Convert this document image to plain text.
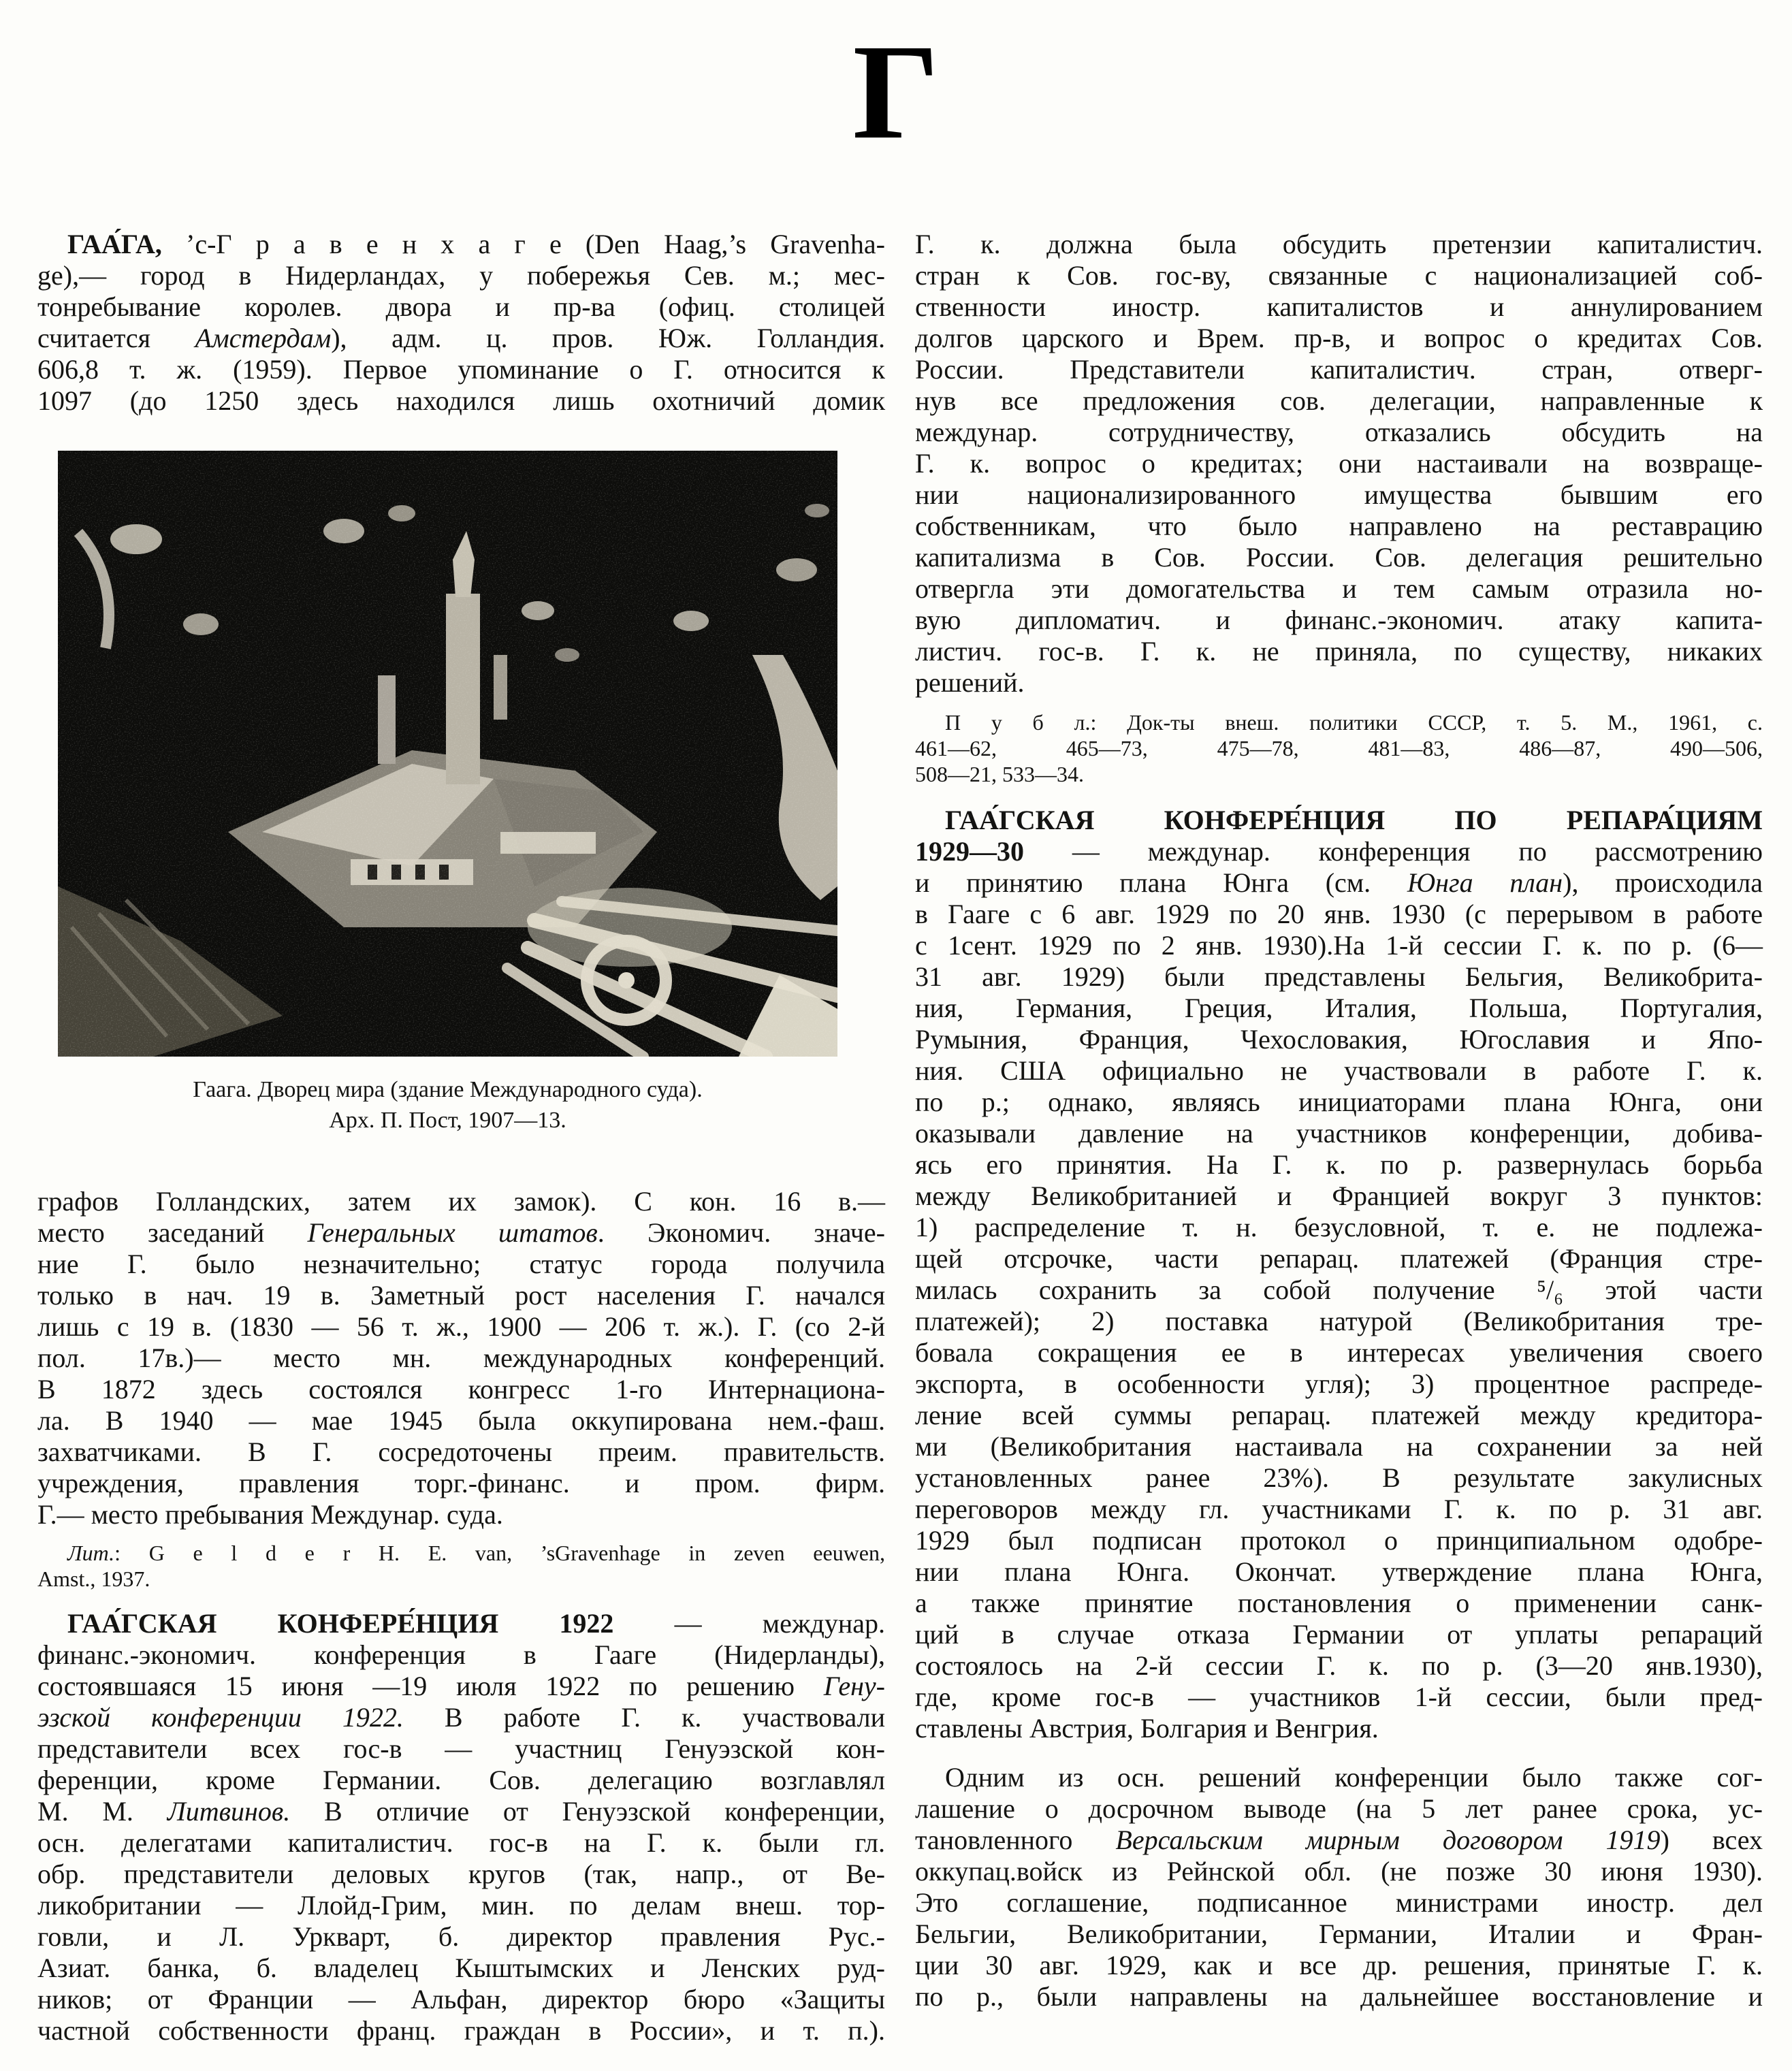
Г
ГАА́ГА, ’с-Г р а в е н х а г е (Den Haag,’s Gravenha-
ge),— город в Нидерландах, у побережья Сев. м.; мес-
тонребывание королев. двора и пр-ва (офиц. столицей
считается Амстердам), адм. ц. пров. Юж. Голландия.
606,8 т. ж. (1959). Первое упоминание о Г. относится к
1097 (до 1250 здесь находился лишь охотничий домик
Гаага. Дворец мира (здание Международного суда).
Арх. П. Пост, 1907—13.
графов Голландских, затем их замок). С кон. 16 в.—
место заседаний Генеральных штатов. Экономич. значе-
ние Г. было незначительно; статус города получила
только в нач. 19 в. Заметный рост населения Г. начался
лишь с 19 в. (1830 — 56 т. ж., 1900 — 206 т. ж.). Г. (со 2-й
пол. 17в.)— место мн. международных конференций.
В 1872 здесь состоялся конгресс 1-го Интернациона-
ла. В 1940 — мае 1945 была оккупирована нем.-фаш.
захватчиками. В Г. сосредоточены преим. правительств.
учреждения, правления торг.-финанс. и пром. фирм.
Г.— место пребывания Междунар. суда.
Лит.: G e l d e r H. E. van, ’sGravenhage in zeven eeuwen,
Amst., 1937.
ГАА́ГСКАЯ КОНФЕРЕ́НЦИЯ 1922 — междунар.
финанс.-экономич. конференция в Гааге (Нидерланды),
состоявшаяся 15 июня —19 июля 1922 по решению Гену-
эзской конференции 1922. В работе Г. к. участвовали
представители всех гос-в — участниц Генуэзской кон-
ференции, кроме Германии. Сов. делегацию возглавлял
М. М. Литвинов. В отличие от Генуэзской конференции,
осн. делегатами капиталистич. гос-в на Г. к. были гл.
обр. представители деловых кругов (так, напр., от Ве-
ликобритании — Ллойд-Грим, мин. по делам внеш. тор-
говли, и Л. Уркварт, б. директор правления Рус.-
Азиат. банка, б. владелец Кыштымских и Ленских руд-
ников; от Франции — Альфан, директор бюро «Защиты
частной собственности франц. граждан в России», и т. п.).
Г. к. должна была обсудить претензии капиталистич.
стран к Сов. гос-ву, связанные с национализацией соб-
ственности иностр. капиталистов и аннулированием
долгов царского и Врем. пр-в, и вопрос о кредитах Сов.
России. Представители капиталистич. стран, отверг-
нув все предложения сов. делегации, направленные к
междунар. сотрудничеству, отказались обсудить на
Г. к. вопрос о кредитах; они настаивали на возвраще-
нии национализированного имущества бывшим его
собственникам, что было направлено на реставрацию
капитализма в Сов. России. Сов. делегация решительно
отвергла эти домогательства и тем самым отразила но-
вую дипломатич. и финанс.-экономич. атаку капита-
листич. гос-в. Г. к. не приняла, по существу, никаких
решений.
П у б л.: Док-ты внеш. политики СССР, т. 5. М., 1961, с.
461—62, 465—73, 475—78, 481—83, 486—87, 490—506,
508—21, 533—34.
ГАА́ГСКАЯ КОНФЕРЕ́НЦИЯ ПО РЕПАРА́ЦИЯМ
1929—30 — междунар. конференция по рассмотрению
и принятию плана Юнга (см. Юнга план), происходила
в Гааге с 6 авг. 1929 по 20 янв. 1930 (с перерывом в работе
с 1сент. 1929 по 2 янв. 1930).На 1-й сессии Г. к. по р. (6—
31 авг. 1929) были представлены Бельгия, Великобрита-
ния, Германия, Греция, Италия, Польша, Португалия,
Румыния, Франция, Чехословакия, Югославия и Япо-
ния. США официально не участвовали в работе Г. к.
по р.; однако, являясь инициаторами плана Юнга, они
оказывали давление на участников конференции, добива-
ясь его принятия. На Г. к. по р. развернулась борьба
между Великобританией и Францией вокруг 3 пунктов:
1) распределение т. н. безусловной, т. е. не подлежа-
щей отсрочке, части репарац. платежей (Франция стре-
милась сохранить за собой получение ⁵/₆ этой части
платежей); 2) поставка натурой (Великобритания тре-
бовала сокращения ее в интересах увеличения своего
экспорта, в особенности угля); 3) процентное распреде-
ление всей суммы репарац. платежей между кредитора-
ми (Великобритания настаивала на сохранении за ней
установленных ранее 23%). В результате закулисных
переговоров между гл. участниками Г. к. по р. 31 авг.
1929 был подписан протокол о принципиальном одобре-
нии плана Юнга. Окончат. утверждение плана Юнга,
а также принятие постановления о применении санк-
ций в случае отказа Германии от уплаты репараций
состоялось на 2-й сессии Г. к. по р. (3—20 янв.1930),
где, кроме гос-в — участников 1-й сессии, были пред-
ставлены Австрия, Болгария и Венгрия.
Одним из осн. решений конференции было также сог-
лашение о досрочном выводе (на 5 лет ранее срока, ус-
тановленного Версальским мирным договором 1919) всех
оккупац.войск из Рейнской обл. (не позже 30 июня 1930).
Это соглашение, подписанное министрами иностр. дел
Бельгии, Великобритании, Германии, Италии и Фран-
ции 30 авг. 1929, как и все др. решения, принятые Г. к.
по р., были направлены на дальнейшее восстановление и
